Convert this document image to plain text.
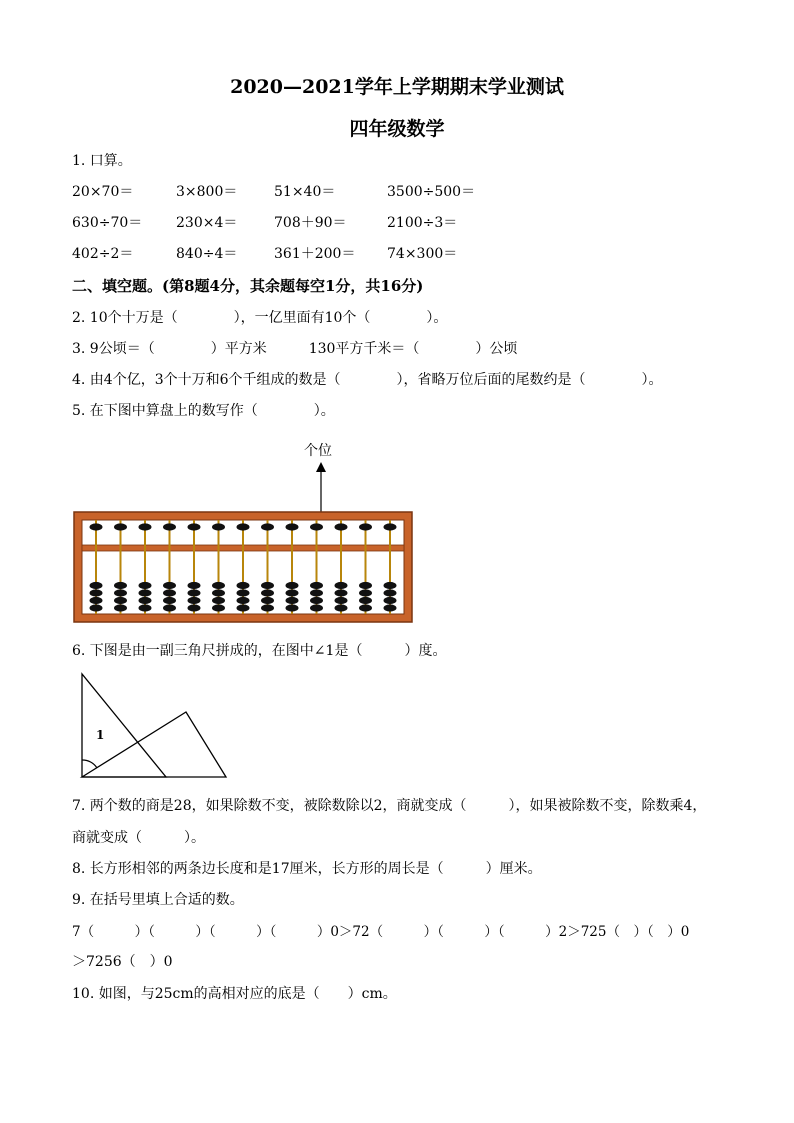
2020—2021学年上学期期末学业测试
四年级数学
1. 口算。
20×70＝	3×800＝	51×40＝	3500÷500＝
630÷70＝ 230×4＝	708＋90＝	2100÷3＝
402÷2＝	840÷4＝	361＋200＝ 74×300＝
二、填空题。(第8题4分，其余题每空1分，共16分)
2. 10个十万是（　　　　），一亿里面有10个（　　　　）。
3. 9公顷＝（　　　　）平方米　　　130平方千米＝（　　　　）公顷
4. 由4个亿，3个十万和6个千组成的数是（　　　　），省略万位后面的尾数约是（　　　　）。
5. 在下图中算盘上的数写作（　　　　）。
个位
6. 下图是由一副三角尺拼成的，在图中∠1是（　　　）度。
1
7. 两个数的商是28，如果除数不变，被除数除以2，商就变成（　　　），如果被除数不变，除数乘4，
商就变成（　　　）。
8. 长方形相邻的两条边长度和是17厘米，长方形的周长是（　　　）厘米。
9. 在括号里填上合适的数。
7（　　　）（　　　）（　　　）（　　　）0＞72（　　　）（　　　）（　　　）2＞725（　）（　）0
＞7256（　）0
10. 如图，与25cm的高相对应的底是（　　）cm。
